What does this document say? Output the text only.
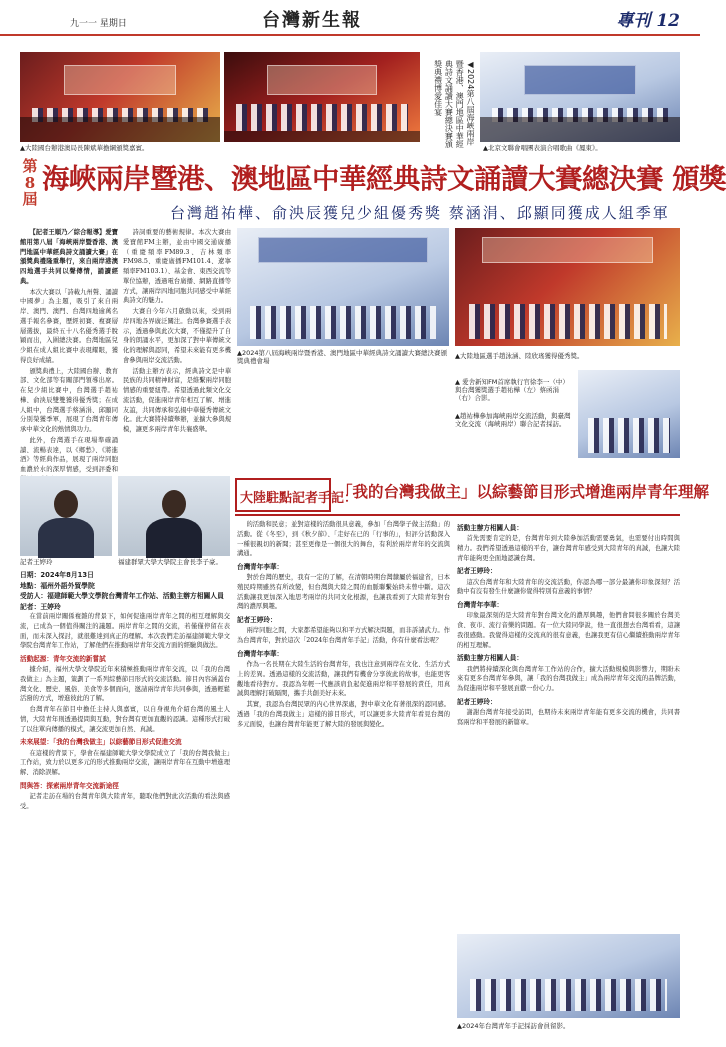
九一一 星期日	台灣新生報	專刊 12
▲大陸國台辦港澳局長陳斌華擔綱頒獎嘉賓。
◀2024第八屆海峽兩岸暨香港、澳門地區中華經典詩文誦讀大賽總決賽頒獎典禮博愛佳宴
▲北京文聯會唱團表演合唱歌曲《鳳東》。
第8屆
海峽兩岸暨港、澳地區中華經典詩文誦讀大賽總決賽 頒獎
台灣趙祐樺、俞泱辰獲兒少組優秀獎 蔡涵涓、邱顯同獲成人組季軍

【記者王順乃／綜合報導】愛寶館用第八屆「海峽兩岸暨香港、澳門地區中華經典詩文誦讀大賽」在頒獎典禮隆重舉行，來自兩岸港澳四地選手共同以聲傳情，誦讀經典。

本次大賽以「詩載九州聲、誦讀中國夢」為主題，吸引了來自兩岸、澳門、澳門、台灣四地逾萬名選手報名參賽，歷經初賽、複賽層層選拔，最終五十八名優秀選手脫穎而出，入圍總決賽。台灣地區兒少組在成人組比賽中表現耀眼，獲得良好成績。

頒獎典禮上，大陸國台辦、教育部、文化部等有關部門領導出席。在兒少組比賽中，台灣選手趙祐樺、俞泱辰雙雙獲得優秀獎；在成人組中，台灣選手蔡涵涓、邱顯同分別榮獲季軍，展現了台灣青年傳承中華文化的熱情與功力。

此外，台灣選手在現場準確誦讀、流暢表達，以《鄉愁》、《將進酒》等經典作品，展現了兩岸同胞血濃於水的深厚情感，受到評委和

詩詞重要的藝術規律。本次大賽由愛寶館FM主辦，並由中國交通廣播（重慶頻率FM89.3、吉林頻率FM98.5、重慶廣播FM101.4、遼寧頻率FM103.1）、基金會、東西交流等單位協辦，透過電台廣播、網路直播等方式，讓兩岸四地同胞共同感受中華經典詩文的魅力。

大賽自今年六月啟動以來，受到兩岸四地各界廣泛關注。台灣參賽選手表示，透過參與此次大賽，不僅提升了自身的朗誦水平，更加深了對中華傳統文化的理解與認同，希望未來能有更多機會參與兩岸交流活動。

活動主辦方表示，經典詩文是中華民族的共同精神財富，是維繫兩岸同胞情感的重要紐帶。希望透過此類文化交流活動，促進兩岸青年相互了解、增進友誼，共同傳承和弘揚中華優秀傳統文化。此大賽將持續舉辦，並擴大參與規模，讓更多兩岸青年共襄盛舉。

▲2024第八屆海峽兩岸暨香港、澳門地區中華經典詩文誦讀大賽總決賽頒獎典禮會場
▲大陸地區選手趙泳涵、陸欣瑤獲得優秀獎。
▲ 愛舍新知FM首席執行官徐李一（中）與台灣獲獎選手趙祐樺（左）蔡函涓（右）合影。
▲趙祐樺參加海峽兩岸交流活動，與臺灣文化交流（海峽兩岸）聯合記者採訪。
大陸駐點記者手記：
「我的台灣我做主」以綜藝節目形式增進兩岸青年理解
記者王婷玲	福建群眾大學大學院主會長李子豪。
日期：2024年8月13日
地點：福州外語外貿學院
受訪人：福建師範大學文學院台灣青年工作站、活動主辦方相關人員
記者：王婷玲

在當前兩岸關係複雜的背景下，如何促進兩岸青年之間的相互理解與交流，已成為一個值得關注的議題。兩岸青年之間的交流，若僅僅停留在表面，而未深入探討，就很難達到真正的理解。本次我們走訪福建師範大學文學院台灣青年工作站，了解他們在推動兩岸青年交流方面的經驗與做法。

活動起源：青年交流的新嘗試

據介紹，福州大學文學院近年來積極推動兩岸青年交流，以「我的台灣我做主」為主題，策劃了一系列綜藝節目形式的交流活動。節目內容涵蓋台灣文化、歷史、風俗、美食等多個面向，邀請兩岸青年共同參與，透過輕鬆活潑的方式，增進彼此的了解。

台灣青年在節目中擔任主持人與嘉賓，以自身視角介紹台灣的風土人情，大陸青年則透過提問與互動，對台灣有更加直觀的認識。這種形式打破了以往單向傳播的模式，讓交流更加自然、真誠。

未來展望：「我的台灣我做主」以綜藝節目形式促進交流

在這樣的背景下，學會在福建師範大學文學院成立了「我的台灣我做主」工作站，致力於以更多元的形式推動兩岸交流，讓兩岸青年在互動中增進理解、消除誤解。

問與答：探索兩岸青年交流新途徑

記者走訪在場的台灣青年與大陸青年，聽取他們對此次活動的看法與感受。

的活動和民意；並對這樣的活動很具意義，參加「台灣學子做主活動」的活動。從《冬至》，到《秋夕節》、「走好在已的「行事的」，但評分活動深入一種很親切的新聞；甚至更像是一個很大的舞台，有利於兩岸青年的交流與溝通。

台灣青年李華：

對於台灣的歷史，我有一定的了解，在清朝時期台灣隸屬於福建省，日本殖民時期雖然有所改變，但台灣與大陸之間的血脈聯繫始終未曾中斷。這次活動讓我更加深入地思考兩岸的共同文化根源，也讓我看到了大陸青年對台灣的濃厚興趣。

記者王婷玲：

兩岸同胞之間，大家都希望能夠以和平方式解決問題，而非訴諸武力。作為台灣青年，對於這次「2024年台灣青年手記」活動，你有什麼看法呢？

台灣青年李華：

作為一名長期在大陸生活的台灣青年，我也注意到兩岸在文化、生活方式上的差異。透過這樣的交流活動，讓我們有機會分享彼此的故事，也能更客觀地看待對方。我認為年輕一代應該肩負起促進兩岸和平發展的責任，用真誠與理解打破隔閡，攜手共創美好未來。

其實，我認為台灣民眾的内心世界深處，對中華文化有著很深的認同感。透過「我的台灣我做主」這樣的節目形式，可以讓更多大陸青年看見台灣的多元面貌，也讓台灣青年能更了解大陸的發展與變化。

活動主辦方相關人員：

首先需要肯定的是，台灣青年到大陸參加活動需要勇氣，也需要付出時間與精力。我們希望透過這樣的平台，讓台灣青年感受到大陸青年的真誠，也讓大陸青年能夠更全面地認識台灣。

記者王婷玲：

這次台灣青年和大陸青年的交流活動，你認為哪一部分最讓你印象深刻？活動中有沒有發生什麼讓你覺得特別有意義的事情？

台灣青年李華：

印象最深刻的是大陸青年對台灣文化的濃厚興趣，他們會問很多關於台灣美食、夜市、流行音樂的問題。有一位大陸同學說，他一直很想去台灣看看，這讓我很感動。我覺得這樣的交流真的很有意義，也讓我更有信心繼續推動兩岸青年的相互理解。

活動主辦方相關人員：

我們將持續深化與台灣青年工作站的合作，擴大活動規模與影響力，期盼未來有更多台灣青年參與，讓「我的台灣我做主」成為兩岸青年交流的品牌活動，為促進兩岸和平發展貢獻一份心力。

記者王婷玲：

謝謝台灣青年接受訪問，也期待未來兩岸青年能有更多交流的機會，共同書寫兩岸和平發展的新篇章。

▲2024年台灣青年手記採訪會員留影。
